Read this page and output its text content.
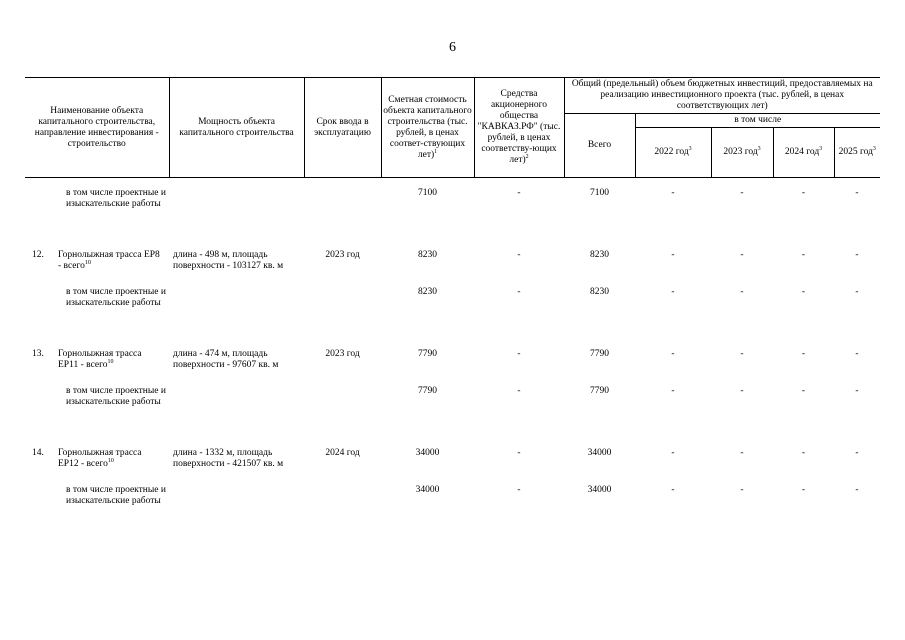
6
Наименование объекта капитального строительства, направление инвестирования - строительство	Мощность объекта капитального строительства	Срок ввода в эксплуатацию	Сметная стоимость объекта капитального строительства (тыс. рублей, в ценах соответ-ствующих лет)$^1$	Средства акционерного общества "КАВКАЗ.РФ" (тыс. рублей, в ценах соответству-ющих лет)$^2$	Общий (предельный) объем бюджетных инвестиций, предоставляемых на реализацию инвестиционного проекта (тыс. рублей, в ценах соответствующих лет)				
					Всего	в том числе			
						2022 год$^3$	2023 год$^3$	2024 год$^3$	2025 год$^3$

в том числе проектные и изыскательские работы			7100	-	7100	-	-	-	-
12. Горнолыжная трасса ЕР8 - всего$^{10}$	длина - 498 м, площадь поверхности - 103127 кв. м	2023 год	8230	-	8230	-	-	-	-

в том числе проектные и изыскательские работы			8230	-	8230	-	-	-	-
13. Горнолыжная трасса ЕР11 - всего$^{10}$	длина - 474 м, площадь поверхности - 97607 кв. м	2023 год	7790	-	7790	-	-	-	-

в том числе проектные и изыскательские работы			7790	-	7790	-	-	-	-
14. Горнолыжная трасса ЕР12 - всего$^{10}$	длина - 1332 м, площадь поверхности - 421507 кв. м	2024 год	34000	-	34000	-	-	-	-

в том числе проектные и изыскательские работы			34000	-	34000	-	-	-	-
